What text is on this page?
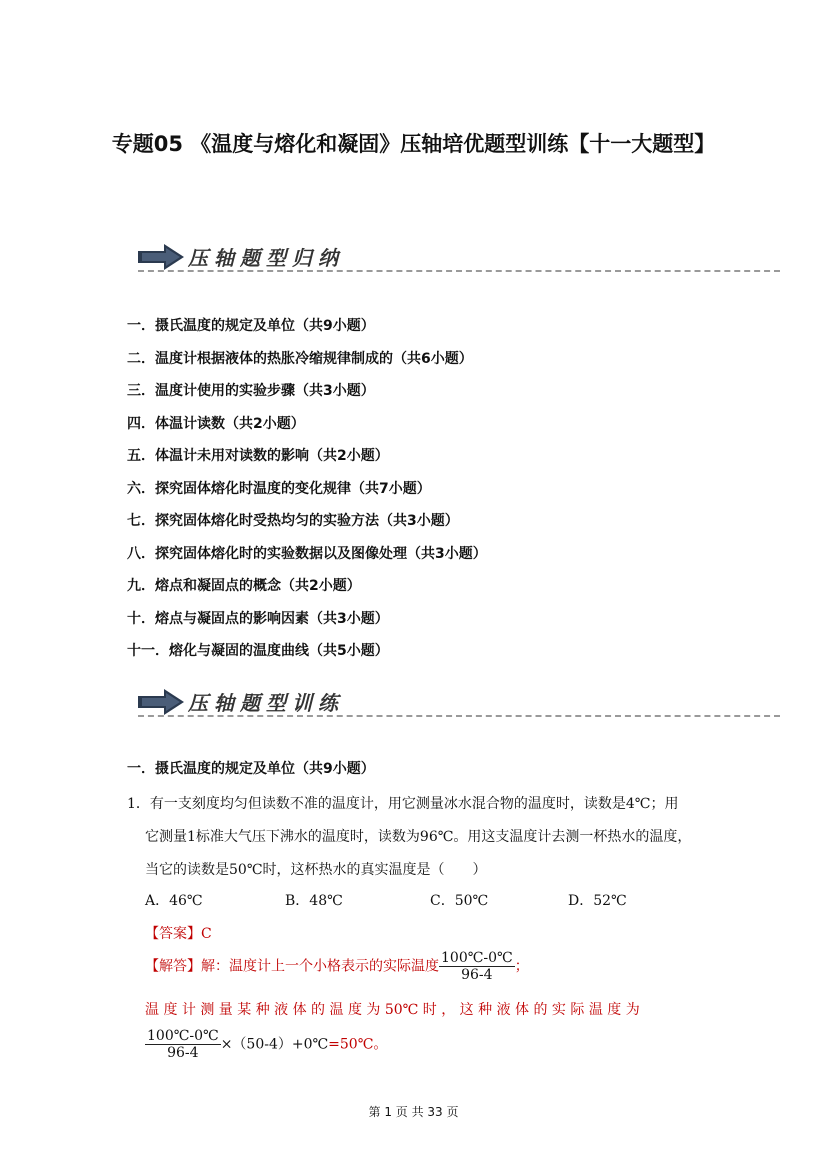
专题05 《温度与熔化和凝固》压轴培优题型训练【十一大题型】
压轴题型归纳
一．摄氏温度的规定及单位（共9小题）
二．温度计根据液体的热胀冷缩规律制成的（共6小题）
三．温度计使用的实验步骤（共3小题）
四．体温计读数（共2小题）
五．体温计未用对读数的影响（共2小题）
六．探究固体熔化时温度的变化规律（共7小题）
七．探究固体熔化时受热均匀的实验方法（共3小题）
八．探究固体熔化时的实验数据以及图像处理（共3小题）
九．熔点和凝固点的概念（共2小题）
十．熔点与凝固点的影响因素（共3小题）
十一．熔化与凝固的温度曲线（共5小题）
压轴题型训练
一．摄氏温度的规定及单位（共9小题）
1．有一支刻度均匀但读数不准的温度计，用它测量冰水混合物的温度时，读数是4℃；用
它测量1标准大气压下沸水的温度时，读数为96℃。用这支温度计去测一杯热水的温度，
当它的读数是50℃时，这杯热水的真实温度是（　　）
A．46℃	B．48℃	C．50℃	D．52℃
【答案】C
【解答】解：温度计上一个小格表示的实际温度 $\frac{100℃-0℃}{96-4}$ ；
温 度 计 测 量 某 种 液 体 的 温 度 为 50℃ 时 ， 这 种 液 体 的 实 际 温 度 为
$\frac{100℃-0℃}{96-4}$ ×（50-4）+0℃=50℃。
第 1 页 共 33 页
